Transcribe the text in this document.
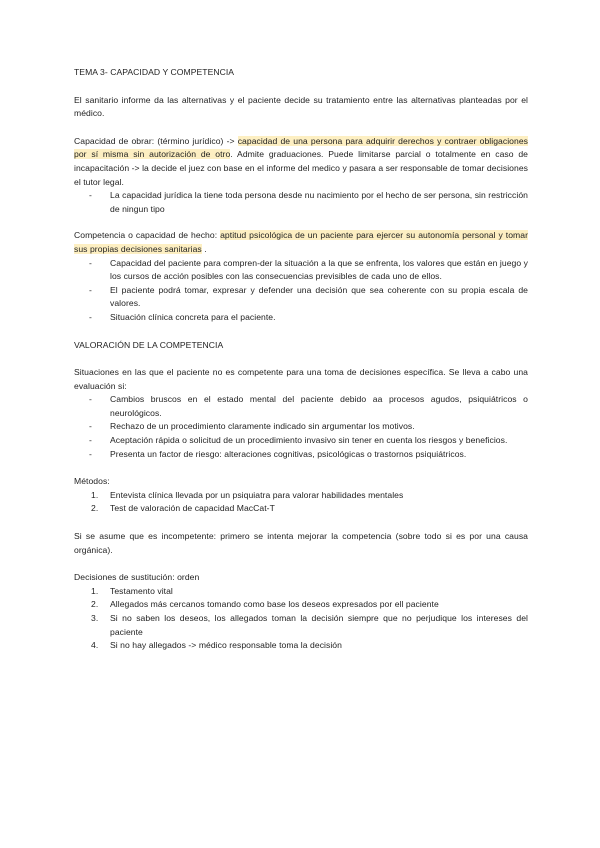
TEMA 3- CAPACIDAD Y COMPETENCIA

El sanitario informe da las alternativas y el paciente decide su tratamiento entre las alternativas planteadas por el médico.

Capacidad de obrar: (término jurídico) -> capacidad de una persona para adquirir derechos y contraer obligaciones por sí misma sin autorización de otro. Admite graduaciones. Puede limitarse parcial o totalmente en caso de incapacitación -> la decide el juez con base en el informe del medico y pasara a ser responsable de tomar decisiones el tutor legal.

- La capacidad jurídica la tiene toda persona desde nu nacimiento por el hecho de ser persona, sin restricción de ningun tipo

Competencia o capacidad de hecho: aptitud psicológica de un paciente para ejercer su autonomía personal y tomar sus propias decisiones sanitarias .

- Capacidad del paciente para compren-der la situación a la que se enfrenta, los valores que están en juego y los cursos de acción posibles con las consecuencias previsibles de cada uno de ellos.
- El paciente podrá tomar, expresar y defender una decisión que sea coherente con su propia escala de valores.
- Situación clínica concreta para el paciente.

VALORACIÓN DE LA COMPETENCIA

Situaciones en las que el paciente no es competente para una toma de decisiones específica. Se lleva a cabo una evaluación si:

- Cambios bruscos en el estado mental del paciente debido aa procesos agudos, psiquiátricos o neurológicos.
- Rechazo de un procedimiento claramente indicado sin argumentar los motivos.
- Aceptación rápida o solicitud de un procedimiento invasivo sin tener en cuenta los riesgos y beneficios.
- Presenta un factor de riesgo: alteraciones cognitivas, psicológicas o trastornos psiquiátricos.

Métodos:

1. Entevista clínica llevada por un psiquiatra para valorar habilidades mentales
2. Test de valoración de capacidad MacCat-T

Si se asume que es incompetente: primero se intenta mejorar la competencia (sobre todo si es por una causa orgánica).

Decisiones de sustitución: orden

1. Testamento vital
2. Allegados más cercanos tomando como base los deseos expresados por ell paciente
3. Si no saben los deseos, los allegados toman la decisión siempre que no perjudique los intereses del paciente
4. Si no hay allegados -> médico responsable toma la decisión
